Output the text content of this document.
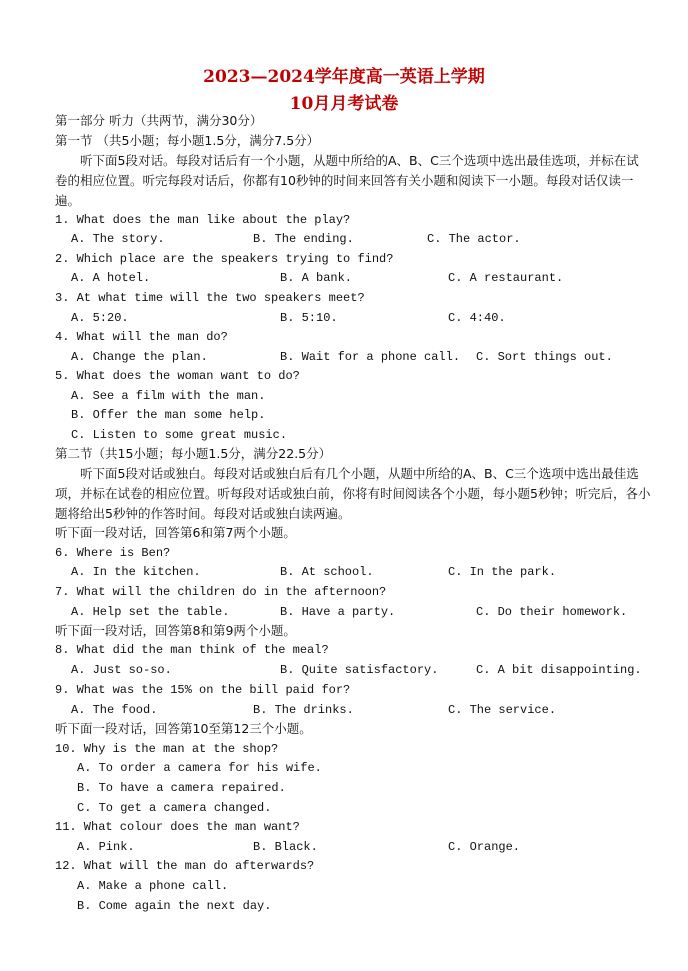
2023—2024学年度高一英语上学期
10月月考试卷
第一部分 听力（共两节，满分30分）
第一节 （共5小题；每小题1.5分，满分7.5分）
听下面5段对话。每段对话后有一个小题，从题中所给的A、B、C三个选项中选出最佳选项，并标在试卷的相应位置。听完每段对话后，你都有10秒钟的时间来回答有关小题和阅读下一小题。每段对话仅读一遍。
1. What does the man like about the play?
A. The story.	B. The ending.	C. The actor.
2. Which place are the speakers trying to find?
A. A hotel.	B. A bank.	C. A restaurant.
3. At what time will the two speakers meet?
A. 5:20.	B. 5:10.	C. 4:40.
4. What will the man do?
A. Change the plan.	B. Wait for a phone call. C. Sort things out.
5. What does the woman want to do?
A. See a film with the man.
B. Offer the man some help.
C. Listen to some great music.
第二节（共15小题；每小题1.5分，满分22.5分）
听下面5段对话或独白。每段对话或独白后有几个小题，从题中所给的A、B、C三个选项中选出最佳选项，并标在试卷的相应位置。听每段对话或独白前，你将有时间阅读各个小题，每小题5秒钟；听完后，各小题将给出5秒钟的作答时间。每段对话或独白读两遍。
听下面一段对话，回答第6和第7两个小题。
6. Where is Ben?
A. In the kitchen.	B. At school.	C. In the park.
7. What will the children do in the afternoon?
A. Help set the table.	B. Have a party.	C. Do their homework.
听下面一段对话，回答第8和第9两个小题。
8. What did the man think of the meal?
A. Just so-so.	B. Quite satisfactory.	C. A bit disappointing.
9. What was the 15% on the bill paid for?
A. The food.	B. The drinks.	C. The service.
听下面一段对话，回答第10至第12三个小题。
10. Why is the man at the shop?
A. To order a camera for his wife.
B. To have a camera repaired.
C. To get a camera changed.
11. What colour does the man want?
A. Pink.	B. Black.	C. Orange.
12. What will the man do afterwards?
A. Make a phone call.
B. Come again the next day.
